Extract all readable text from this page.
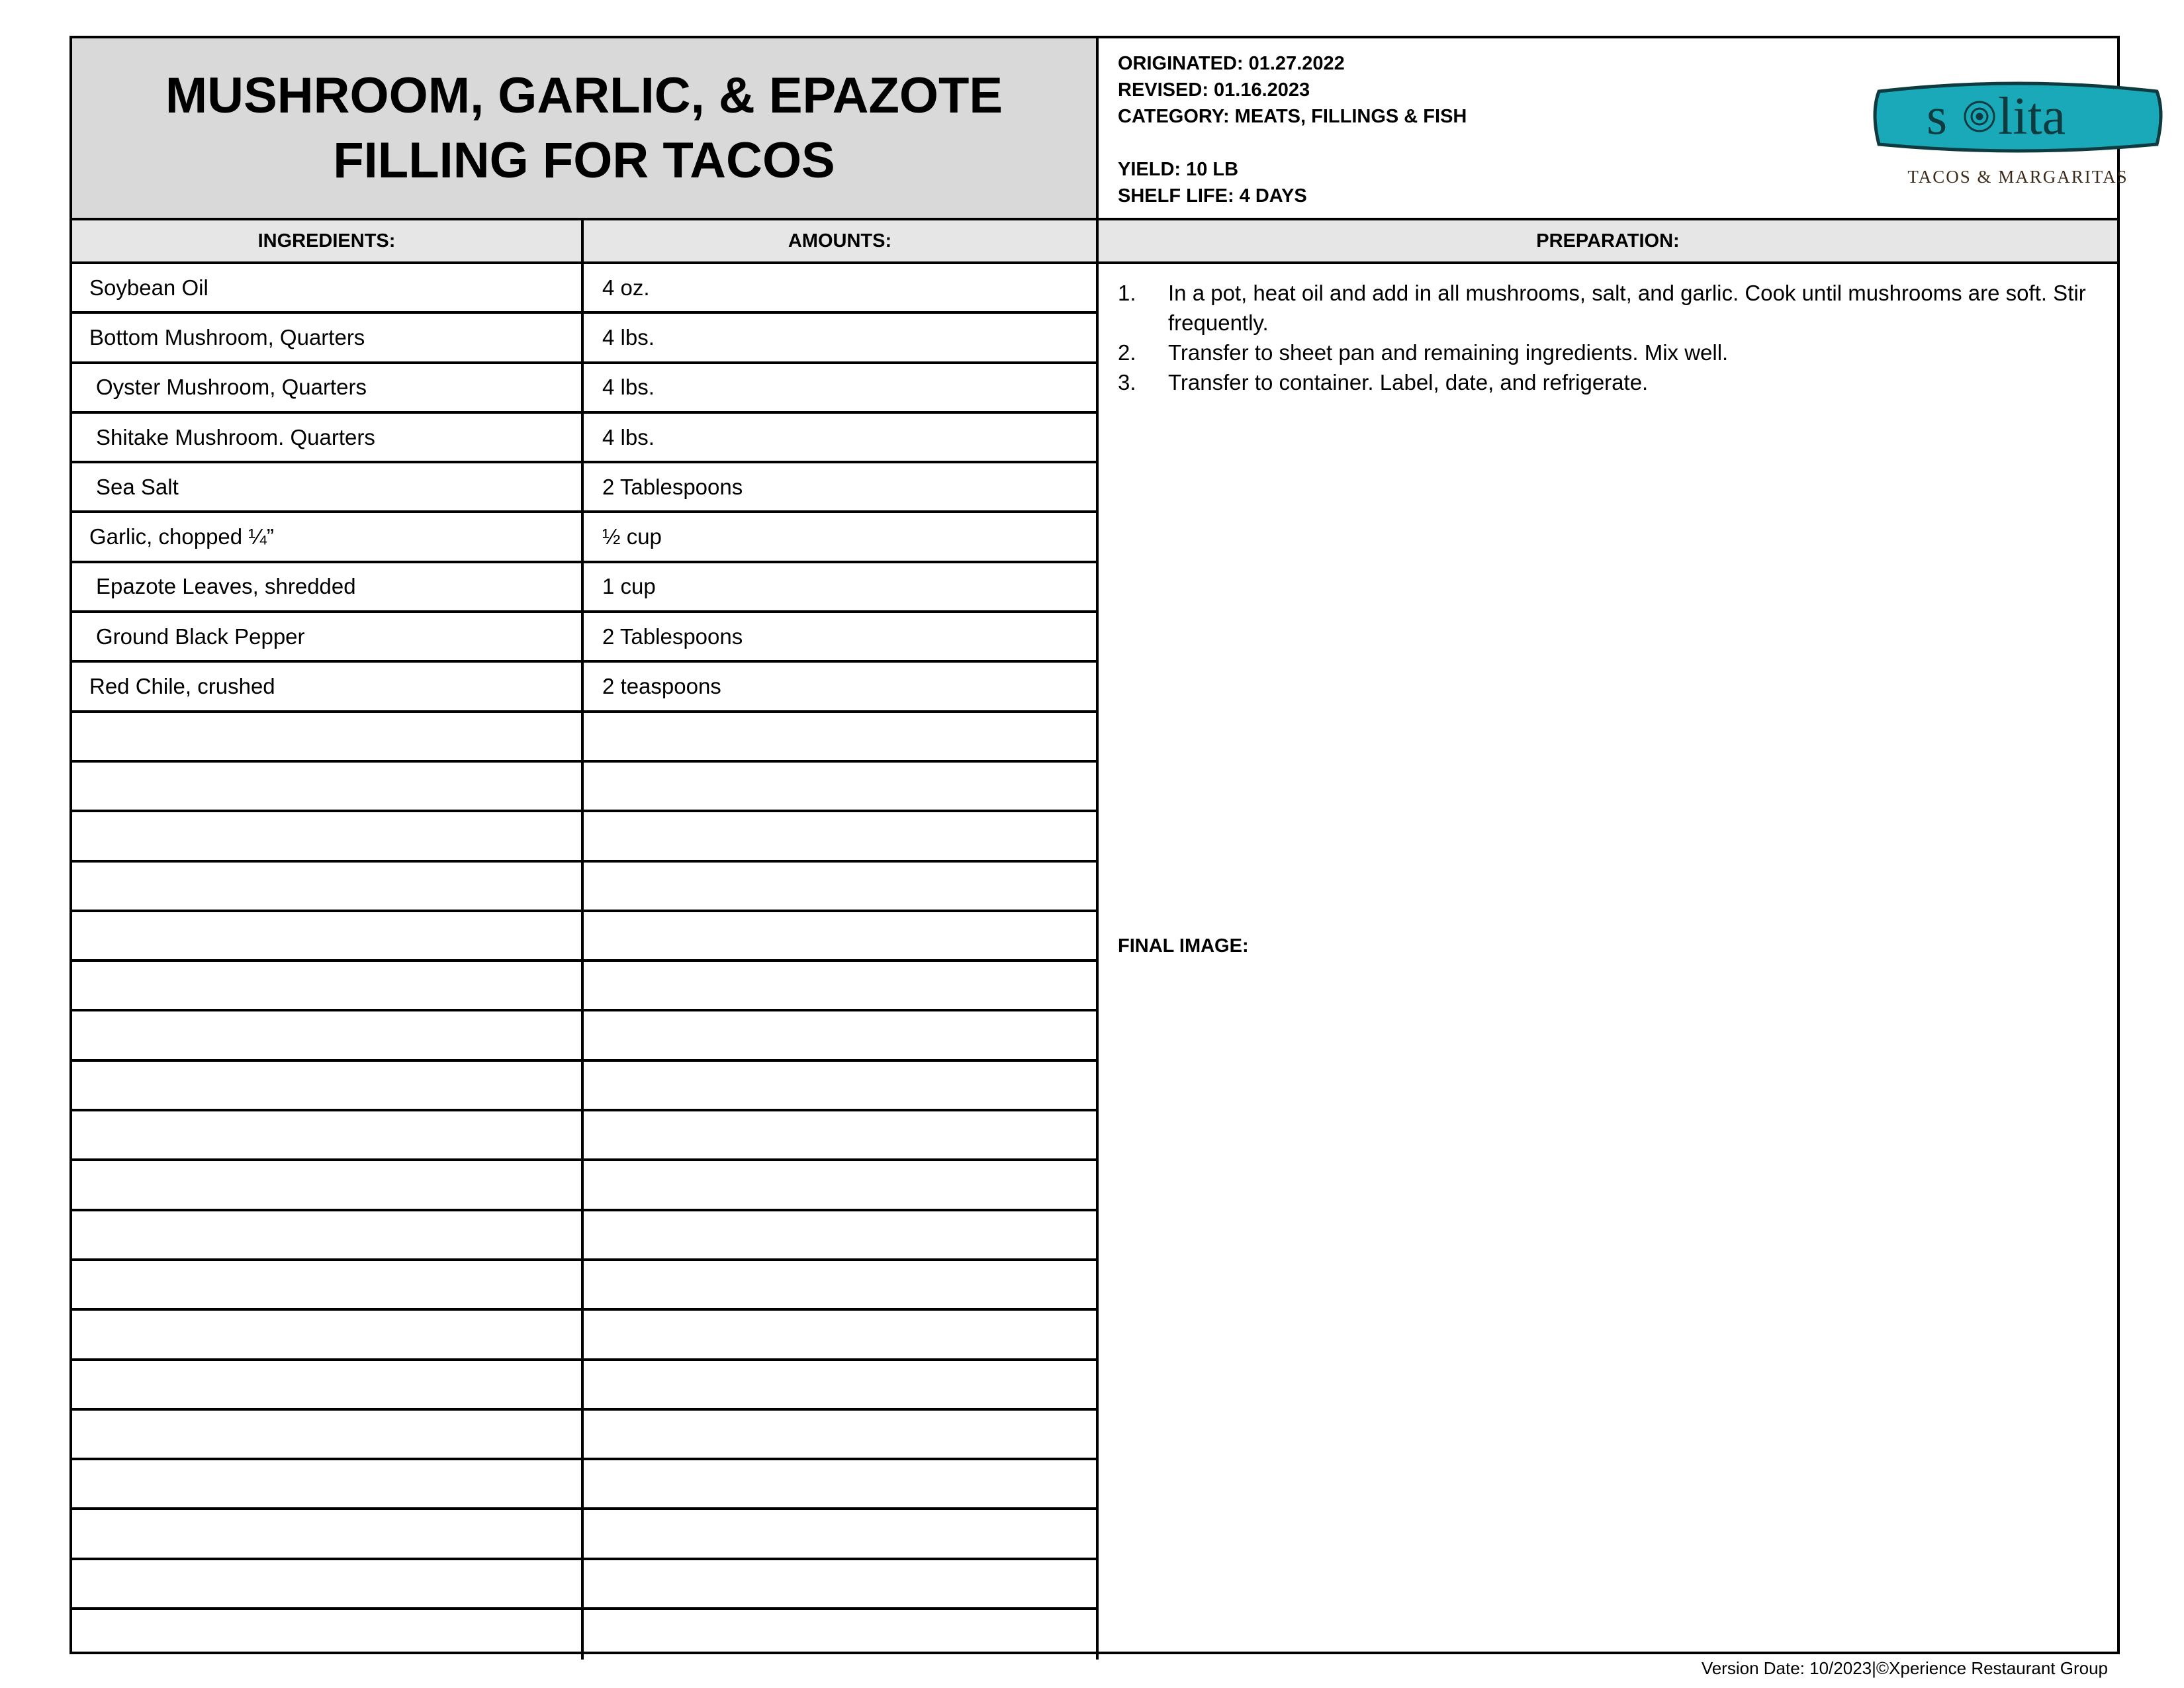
MUSHROOM, GARLIC, & EPAZOTE FILLING FOR TACOS
ORIGINATED: 01.27.2022
REVISED: 01.16.2023
CATEGORY: MEATS, FILLINGS & FISH
YIELD: 10 LB
SHELF LIFE: 4 DAYS
s lita
TACOS & MARGARITAS
INGREDIENTS:	AMOUNTS:	PREPARATION:
Soybean Oil	4 oz.
Bottom Mushroom, Quarters	4 lbs.
Oyster Mushroom, Quarters	4 lbs.
Shitake Mushroom. Quarters	4 lbs.
Sea Salt	2 Tablespoons
Garlic, chopped ¼”	½ cup
Epazote Leaves, shredded	1 cup
Ground Black Pepper	2 Tablespoons
Red Chile, crushed	2 teaspoons
1.	In a pot, heat oil and add in all mushrooms, salt, and garlic. Cook until mushrooms are soft. Stir frequently.
2.	Transfer to sheet pan and remaining ingredients. Mix well.
3.	Transfer to container. Label, date, and refrigerate.
FINAL IMAGE:
Version Date: 10/2023|©Xperience Restaurant Group
